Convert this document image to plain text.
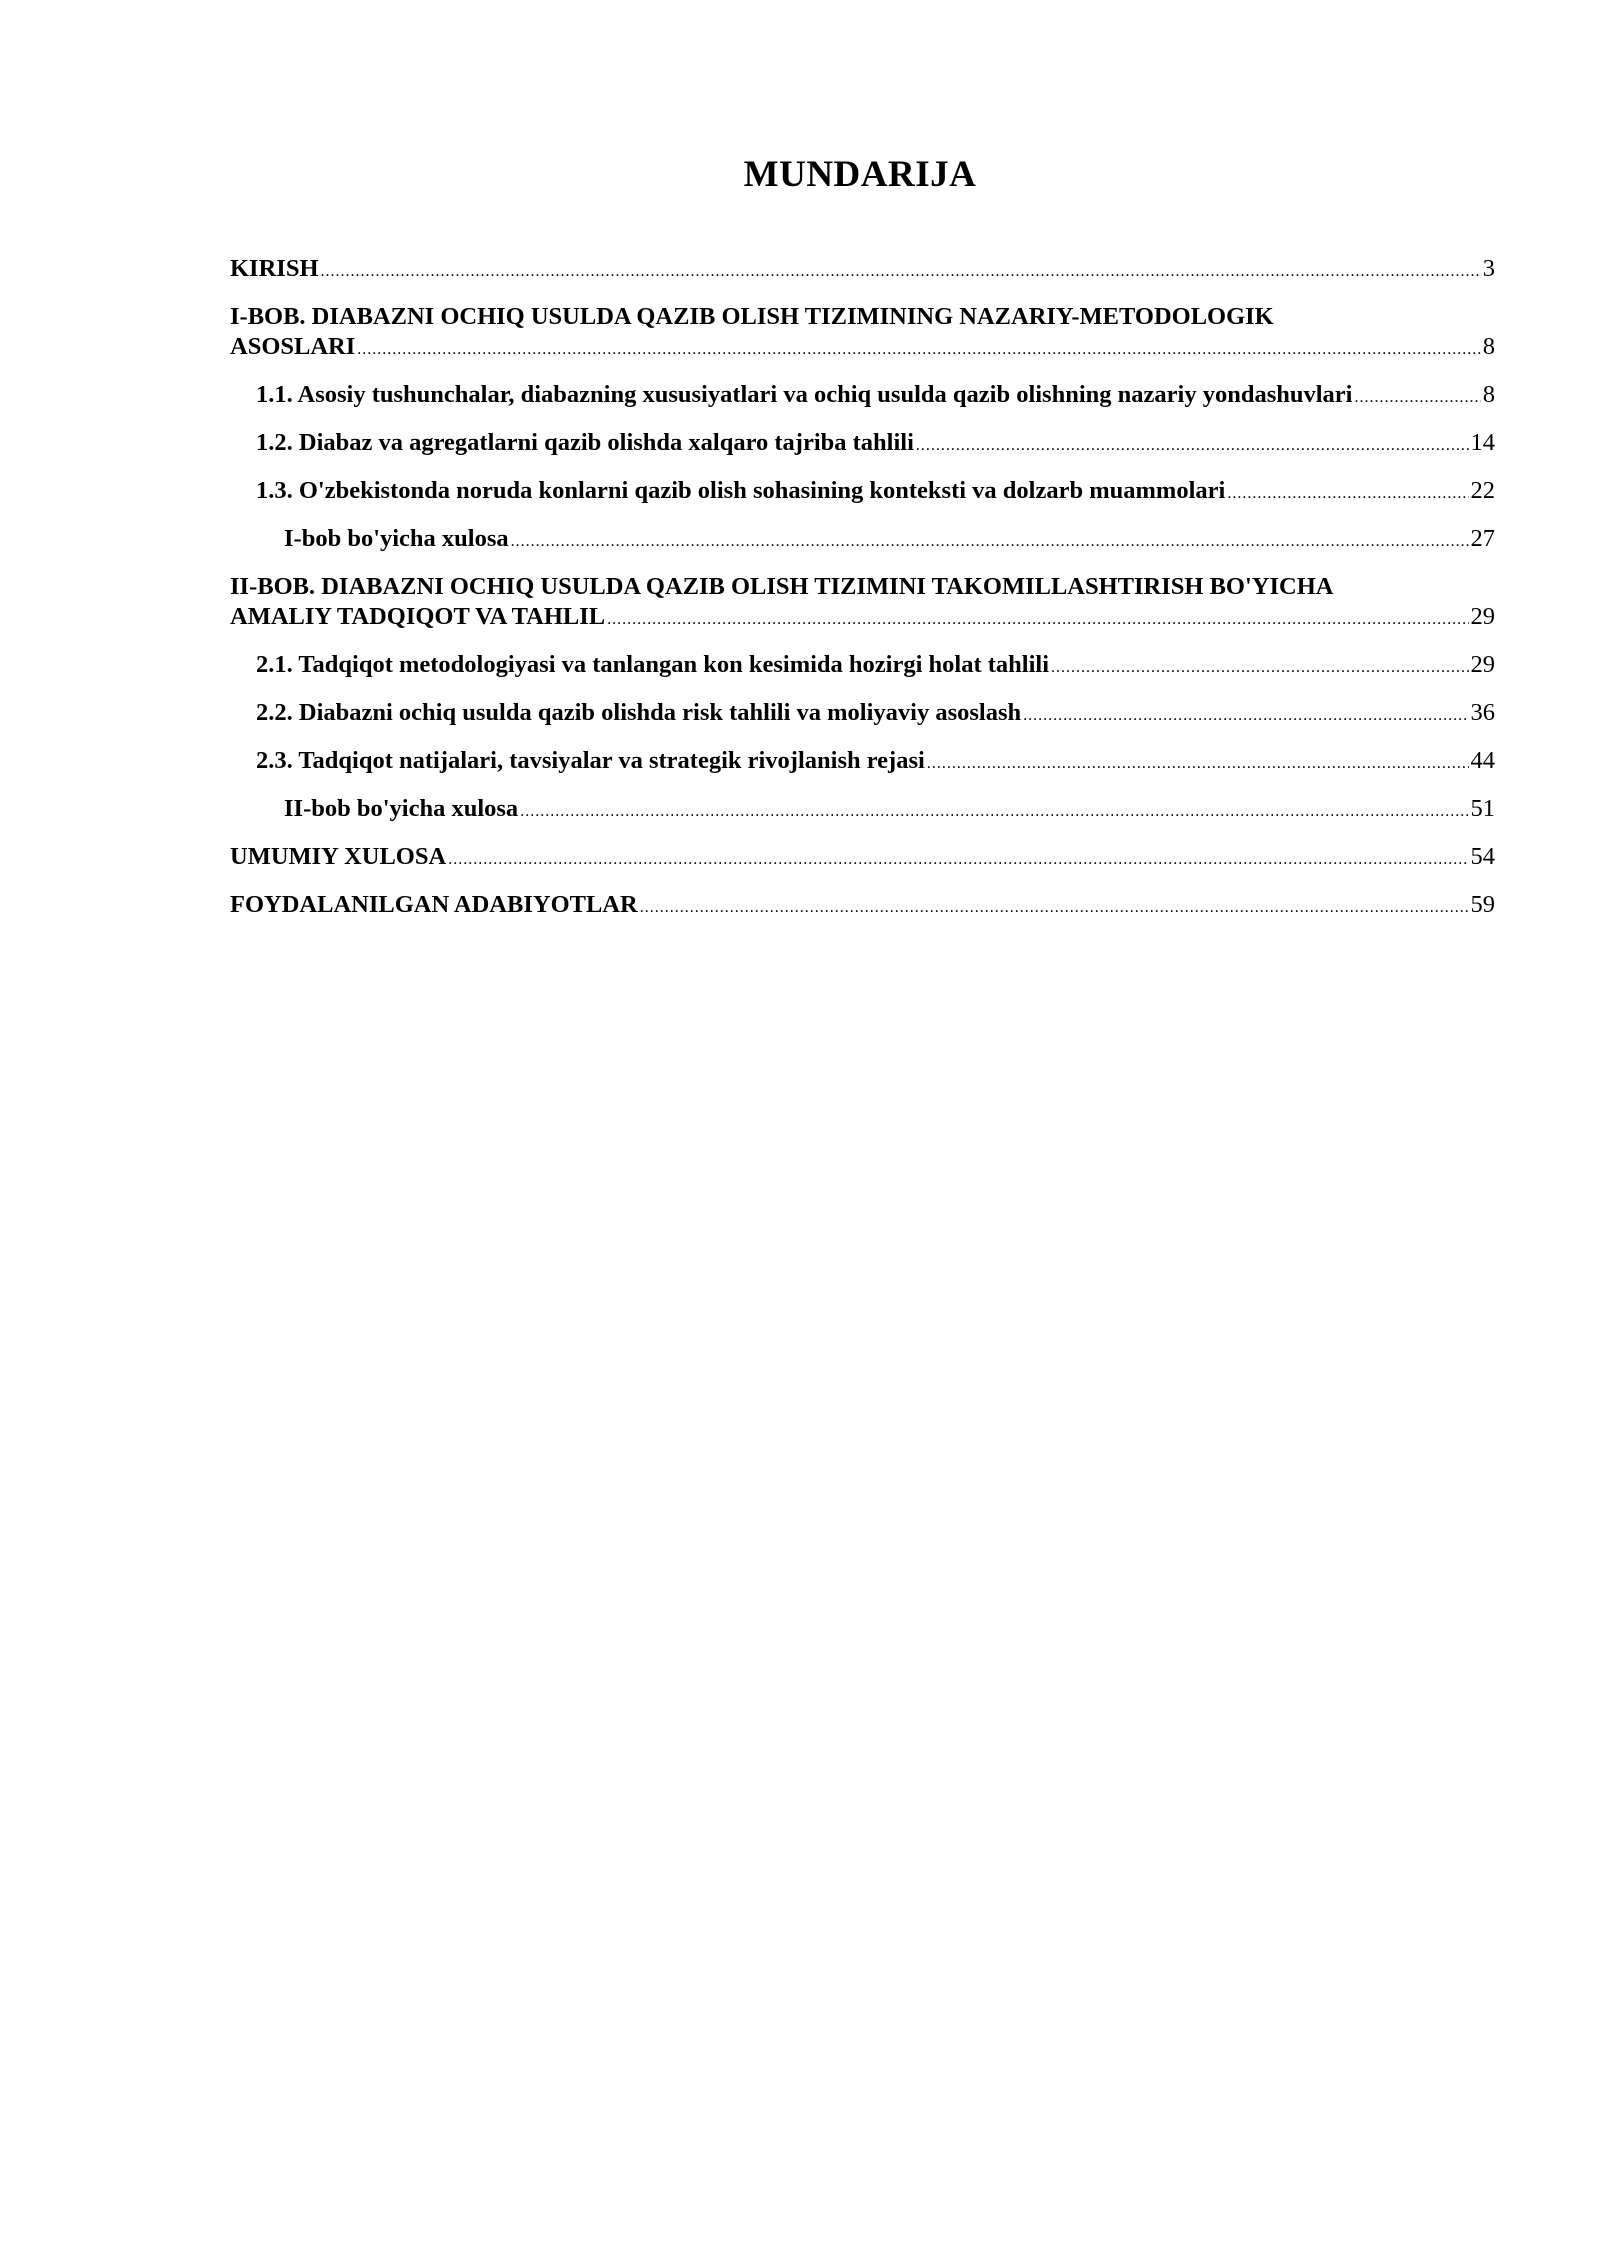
MUNDARIJA
KIRISH .....	3
I-BOB. DIABAZNI OCHIQ USULDA QAZIB OLISH TIZIMINING NAZARIY-METODOLOGIK
ASOSLARI .....	8
1.1. Asosiy tushunchalar, diabazning xususiyatlari va ochiq usulda qazib olishning nazariy yondashuvlari .....	8
1.2. Diabaz va agregatlarni qazib olishda xalqaro tajriba tahlili .....	14
1.3. O'zbekistonda noruda konlarni qazib olish sohasining konteksti va dolzarb muammolari .....	22
I-bob bo'yicha xulosa .....	27
II-BOB. DIABAZNI OCHIQ USULDA QAZIB OLISH TIZIMINI TAKOMILLASHTIRISH BO'YICHA
AMALIY TADQIQOT VA TAHLIL .....	29
2.1. Tadqiqot metodologiyasi va tanlangan kon kesimida hozirgi holat tahlili .....	29
2.2. Diabazni ochiq usulda qazib olishda risk tahlili va moliyaviy asoslash .....	36
2.3. Tadqiqot natijalari, tavsiyalar va strategik rivojlanish rejasi .....	44
II-bob bo'yicha xulosa .....	51
UMUMIY XULOSA .....	54
FOYDALANILGAN ADABIYOTLAR .....	59
